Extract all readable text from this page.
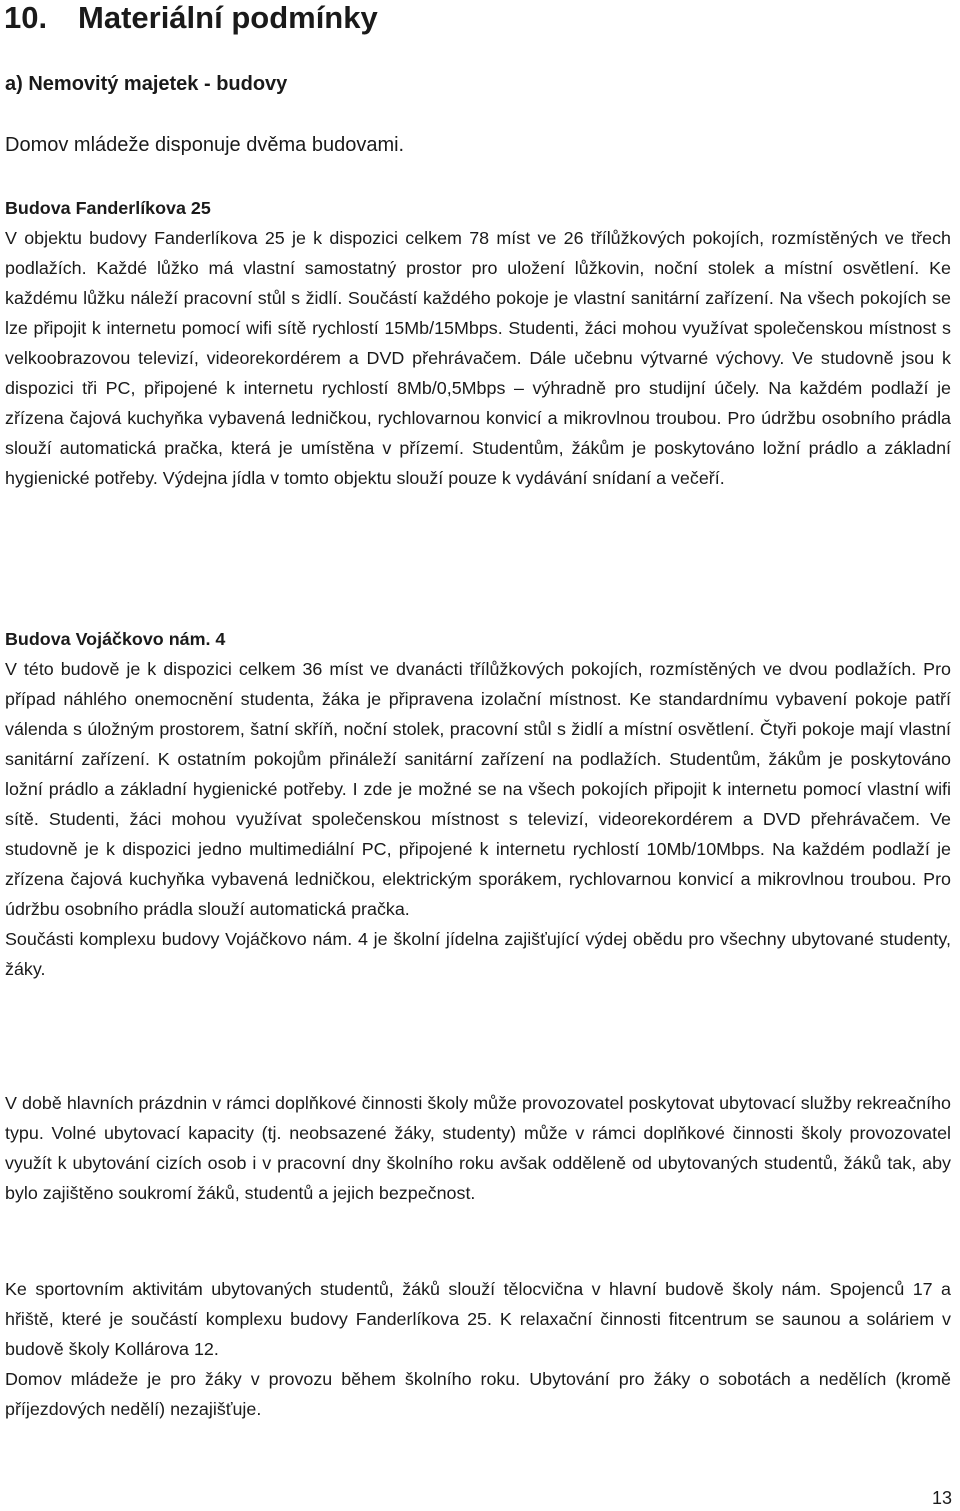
10. Materiální podmínky
a) Nemovitý majetek - budovy

Domov mládeže disponuje dvěma budovami.

Budova Fanderlíkova 25

V objektu budovy Fanderlíkova 25 je k dispozici celkem 78 míst ve 26 třílůžkových pokojích, rozmístěných ve třech podlažích. Každé lůžko má vlastní samostatný prostor pro uložení lůžkovin, noční stolek a místní osvětlení. Ke každému lůžku náleží pracovní stůl s židlí. Součástí každého pokoje je vlastní sanitární zařízení. Na všech pokojích se lze připojit k internetu pomocí wifi sítě rychlostí 15Mb/15Mbps. Studenti, žáci mohou využívat společenskou místnost s velkoobrazovou televizí, videorekordérem a DVD přehrávačem. Dále učebnu výtvarné výchovy. Ve studovně jsou k dispozici tři PC, připojené k internetu rychlostí 8Mb/0,5Mbps – výhradně pro studijní účely. Na každém podlaží je zřízena čajová kuchyňka vybavená ledničkou, rychlovarnou konvicí a mikrovlnou troubou. Pro údržbu osobního prádla slouží automatická pračka, která je umístěna v přízemí. Studentům, žákům je poskytováno ložní prádlo a základní hygienické potřeby. Výdejna jídla v tomto objektu slouží pouze k vydávání snídaní a večeří.

Budova Vojáčkovo nám. 4

V této budově je k dispozici celkem 36 míst ve dvanácti třílůžkových pokojích, rozmístěných ve dvou podlažích. Pro případ náhlého onemocnění studenta, žáka je připravena izolační místnost. Ke standardnímu vybavení pokoje patří válenda s úložným prostorem, šatní skříň, noční stolek, pracovní stůl s židlí a místní osvětlení. Čtyři pokoje mají vlastní sanitární zařízení. K ostatním pokojům přináleží sanitární zařízení na podlažích. Studentům, žákům je poskytováno ložní prádlo a základní hygienické potřeby. I zde je možné se na všech pokojích připojit k internetu pomocí vlastní wifi sítě. Studenti, žáci mohou využívat společenskou místnost s televizí, videorekordérem a DVD přehrávačem. Ve studovně je k dispozici jedno multimediální PC, připojené k internetu rychlostí 10Mb/10Mbps. Na každém podlaží je zřízena čajová kuchyňka vybavená ledničkou, elektrickým sporákem, rychlovarnou konvicí a mikrovlnou troubou. Pro údržbu osobního prádla slouží automatická pračka.

Součásti komplexu budovy Vojáčkovo nám. 4 je školní jídelna zajišťující výdej obědu pro všechny ubytované studenty, žáky.

V době hlavních prázdnin v rámci doplňkové činnosti školy může provozovatel poskytovat ubytovací služby rekreačního typu. Volné ubytovací kapacity (tj. neobsazené žáky, studenty) může v rámci doplňkové činnosti školy provozovatel využít k ubytování cizích osob i v pracovní dny školního roku avšak odděleně od ubytovaných studentů, žáků tak, aby bylo zajištěno soukromí žáků, studentů a jejich bezpečnost.

Ke sportovním aktivitám ubytovaných studentů, žáků slouží tělocvična v hlavní budově školy nám. Spojenců 17 a hřiště, které je součástí komplexu budovy Fanderlíkova 25. K relaxační činnosti fitcentrum se saunou a soláriem v budově školy Kollárova 12.

Domov mládeže je pro žáky v provozu během školního roku. Ubytování pro žáky o sobotách a nedělích (kromě příjezdových nedělí) nezajišťuje.

13
